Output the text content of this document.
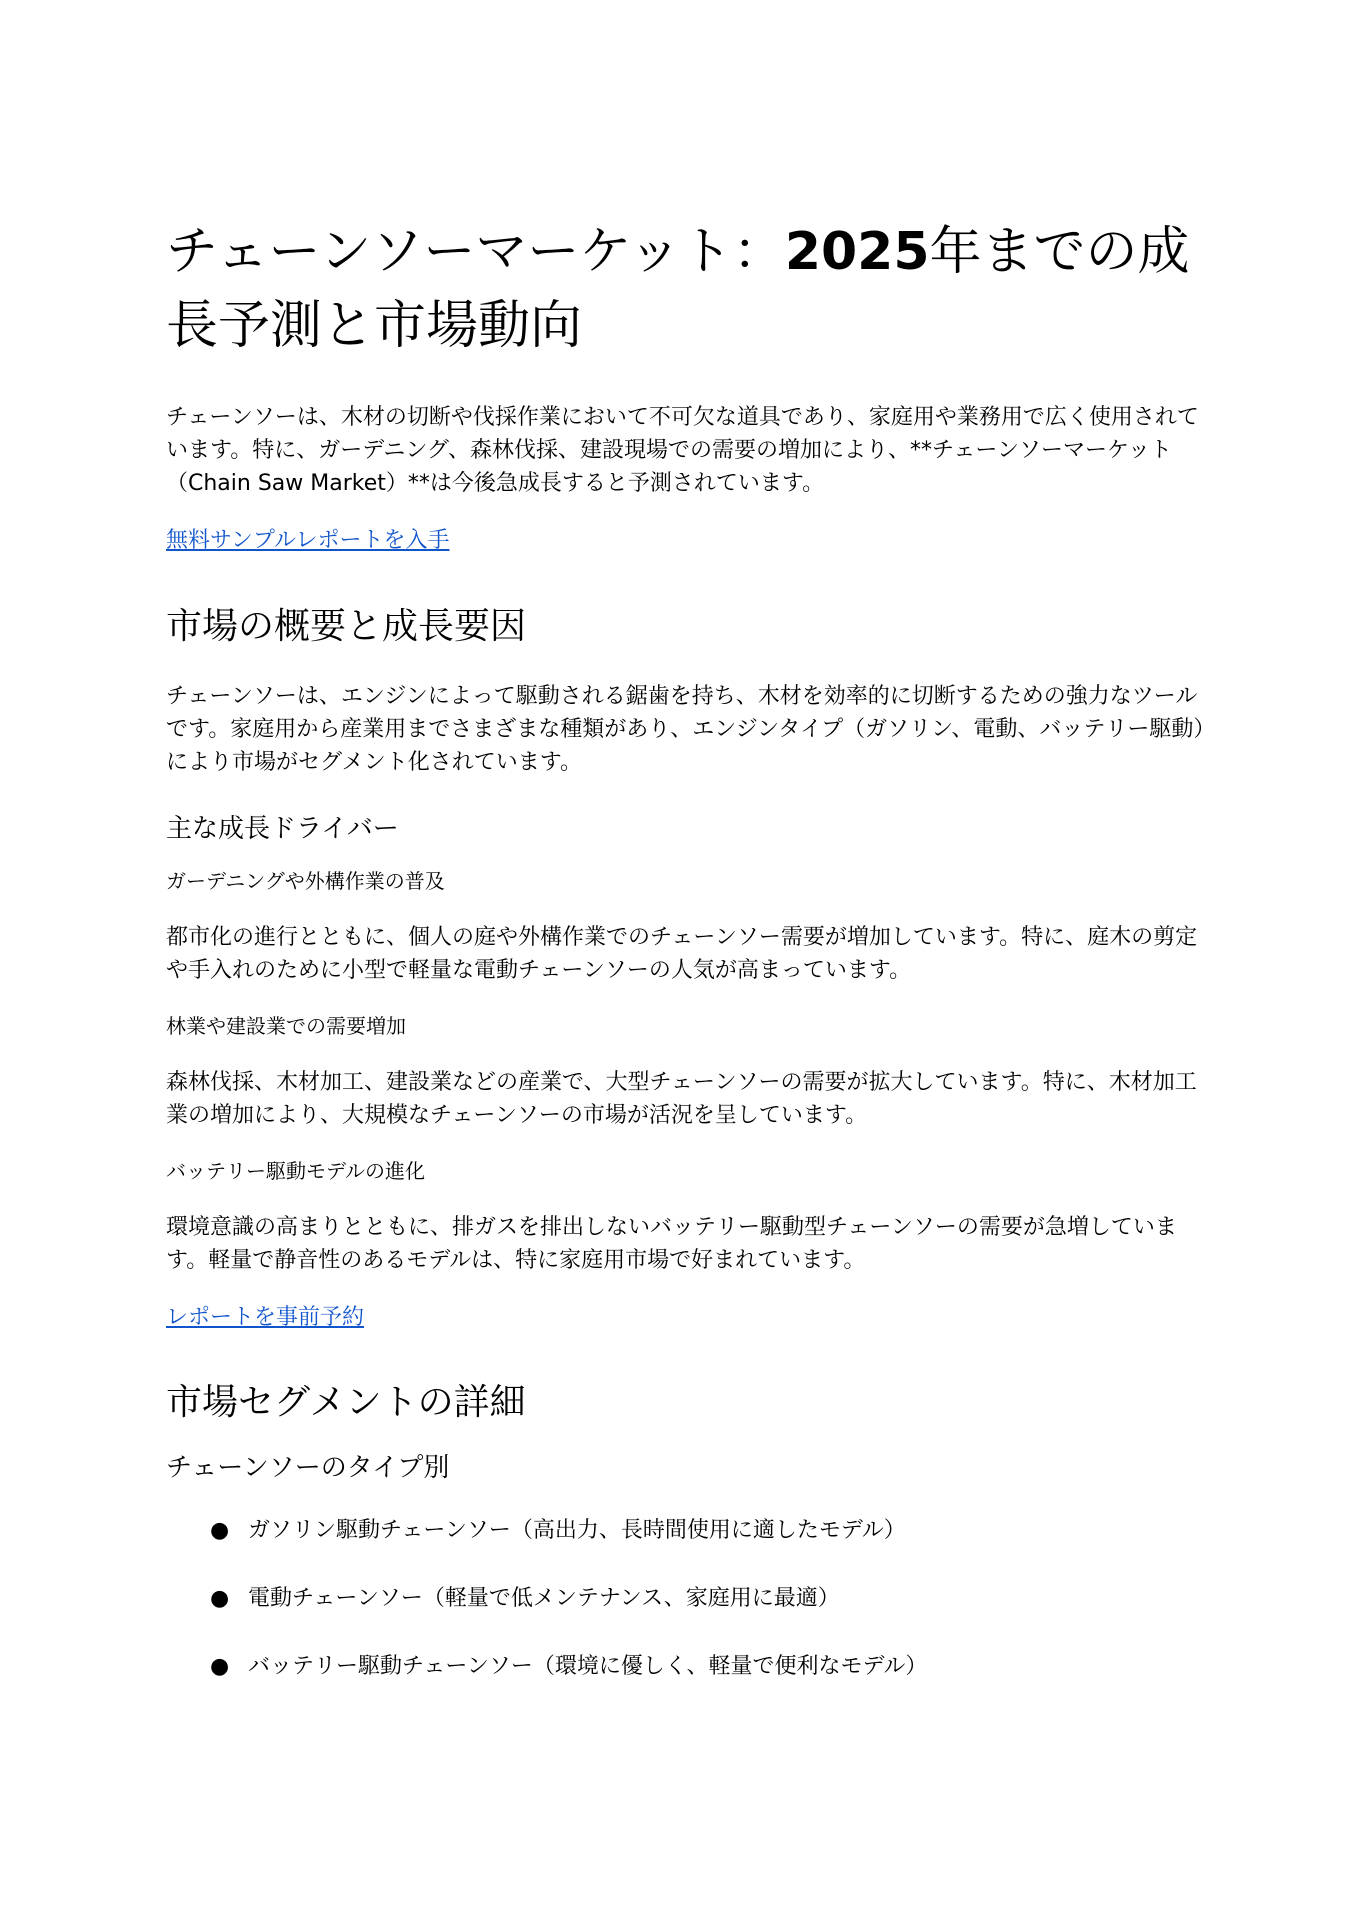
チェーンソーマーケット：2025年までの成長予測と市場動向

チェーンソーは、木材の切断や伐採作業において不可欠な道具であり、家庭用や業務用で広く使用されています。特に、ガーデニング、森林伐採、建設現場での需要の増加により、**チェーンソーマーケット（Chain Saw Market）**は今後急成長すると予測されています。

無料サンプルレポートを入手
市場の概要と成長要因

チェーンソーは、エンジンによって駆動される鋸歯を持ち、木材を効率的に切断するための強力なツールです。家庭用から産業用までさまざまな種類があり、エンジンタイプ（ガソリン、電動、バッテリー駆動）により市場がセグメント化されています。

主な成長ドライバー
ガーデニングや外構作業の普及

都市化の進行とともに、個人の庭や外構作業でのチェーンソー需要が増加しています。特に、庭木の剪定や手入れのために小型で軽量な電動チェーンソーの人気が高まっています。

林業や建設業での需要増加

森林伐採、木材加工、建設業などの産業で、大型チェーンソーの需要が拡大しています。特に、木材加工業の増加により、大規模なチェーンソーの市場が活況を呈しています。

バッテリー駆動モデルの進化

環境意識の高まりとともに、排ガスを排出しないバッテリー駆動型チェーンソーの需要が急増しています。軽量で静音性のあるモデルは、特に家庭用市場で好まれています。

レポートを事前予約
市場セグメントの詳細
チェーンソーのタイプ別
● ガソリン駆動チェーンソー（高出力、長時間使用に適したモデル）
● 電動チェーンソー（軽量で低メンテナンス、家庭用に最適）
● バッテリー駆動チェーンソー（環境に優しく、軽量で便利なモデル）
